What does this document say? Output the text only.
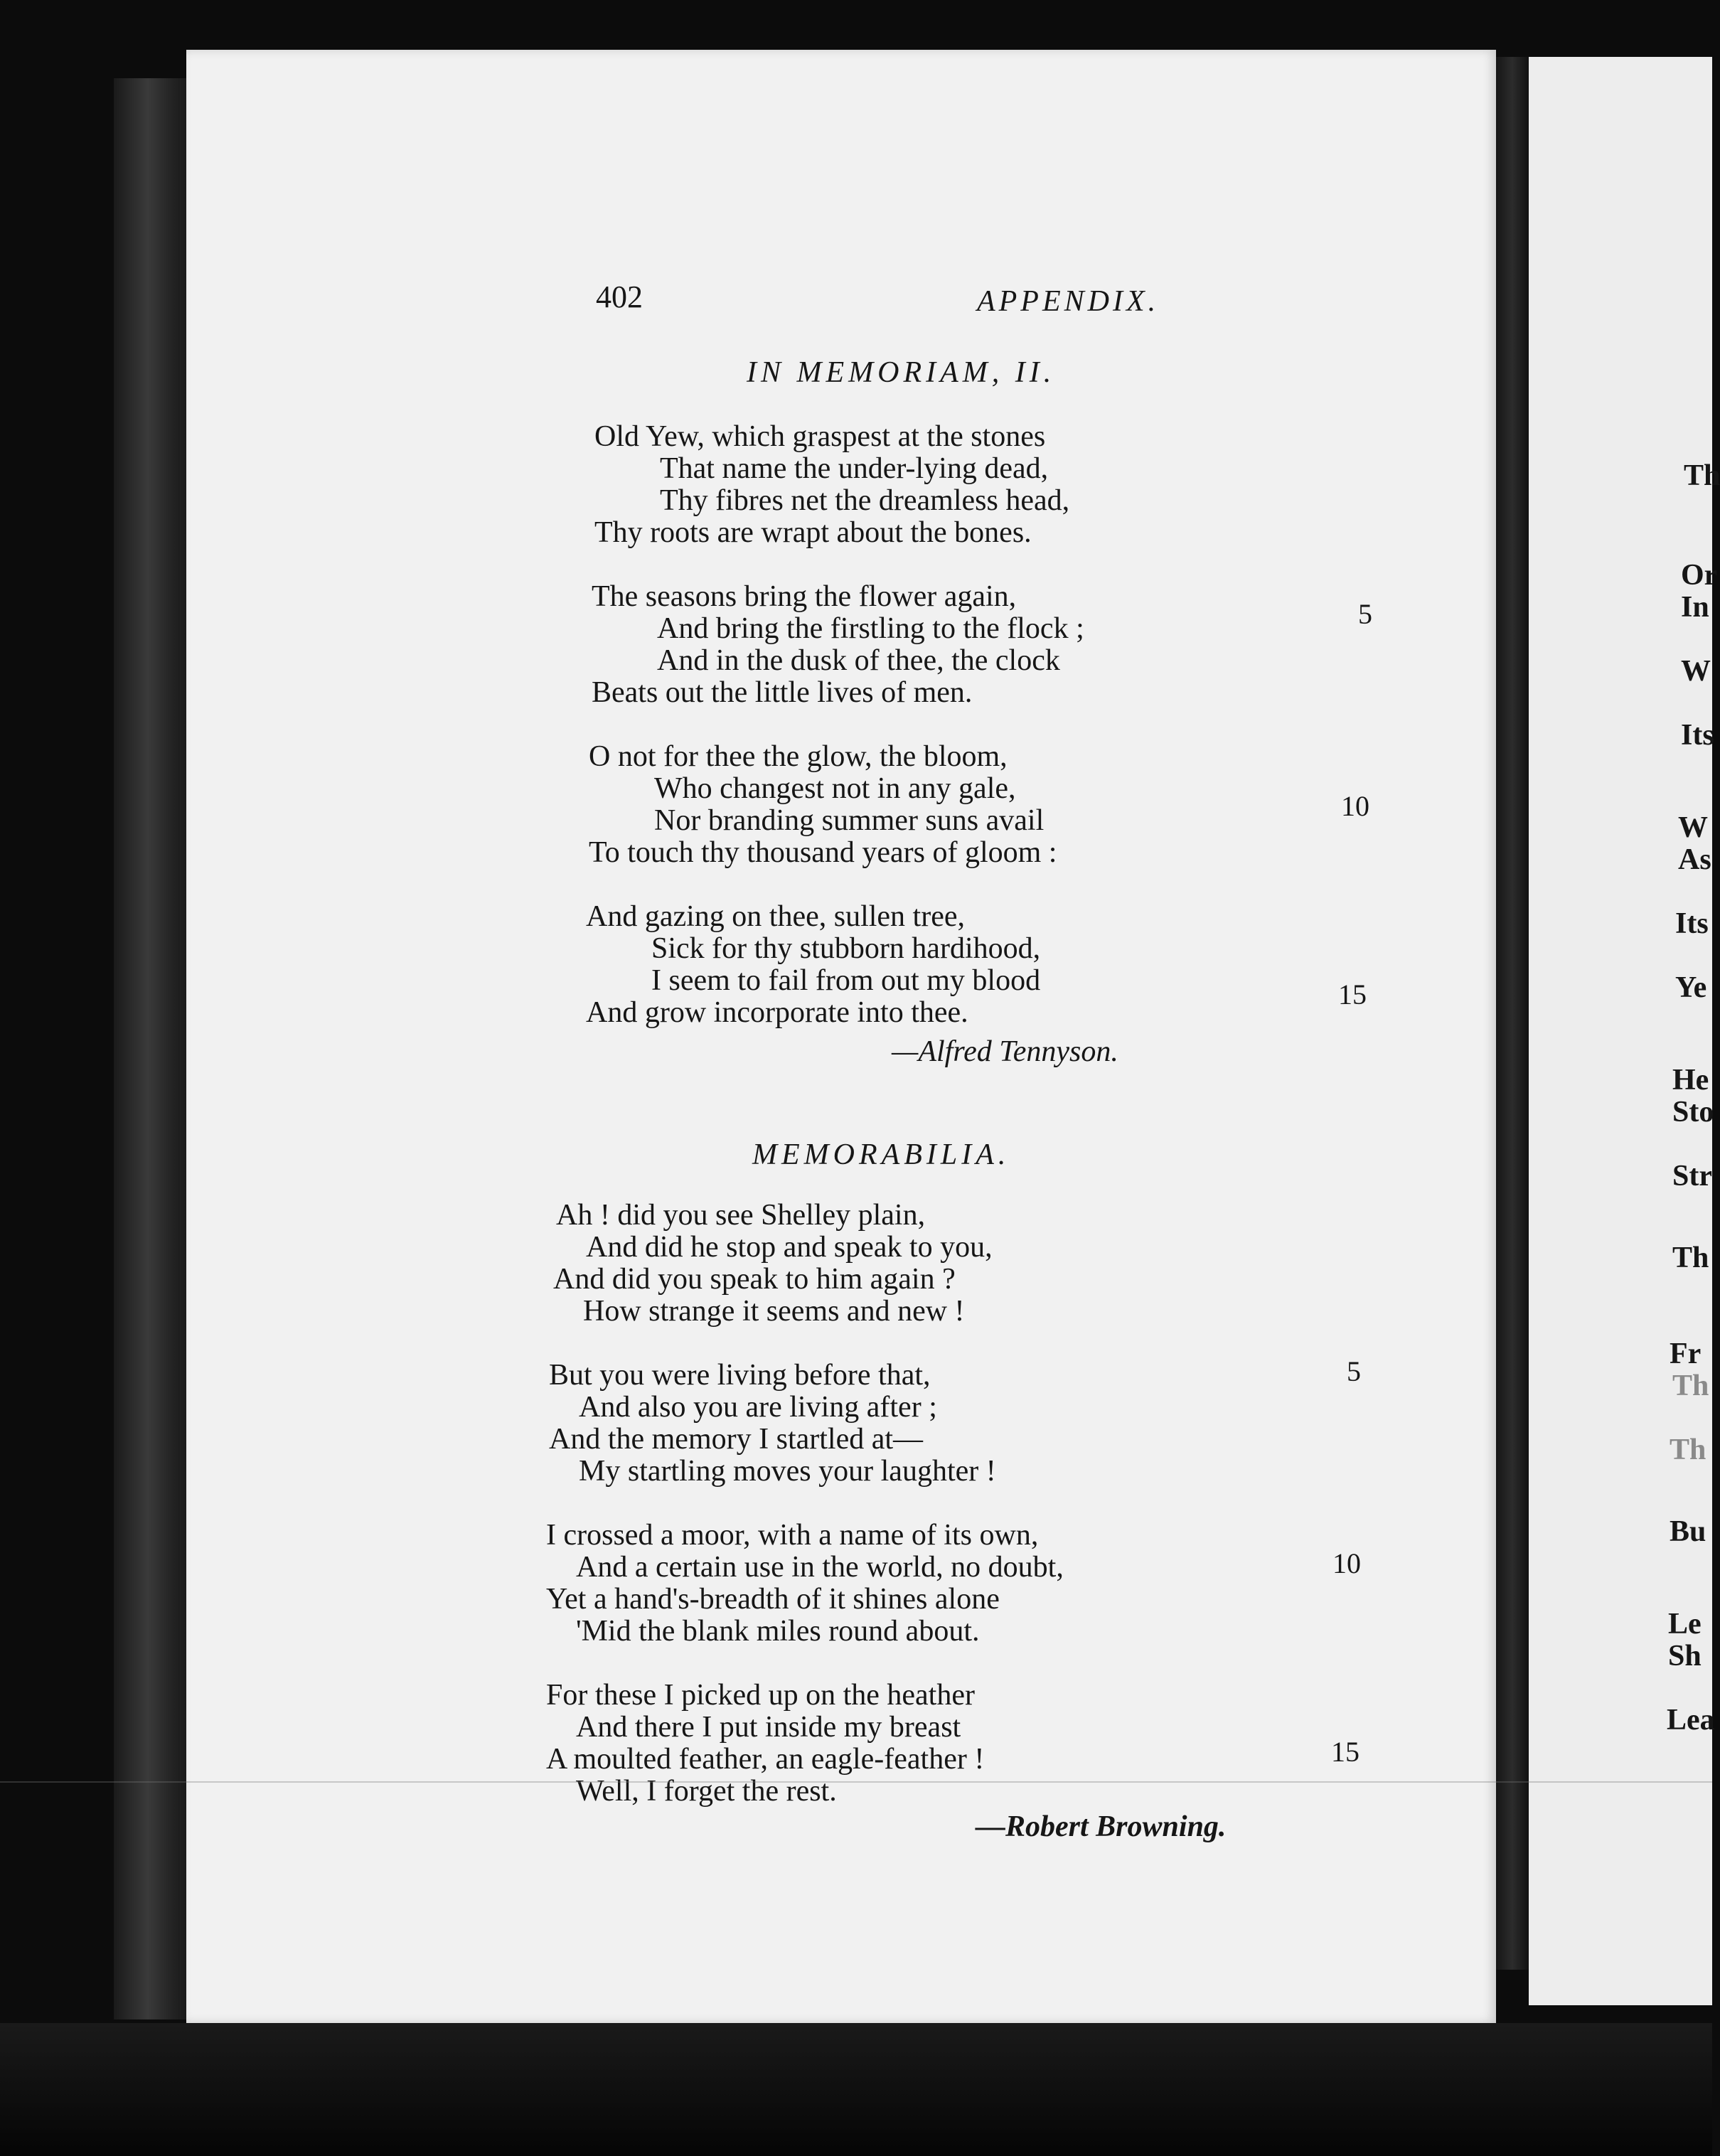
402	APPENDIX.
IN MEMORIAM, II.
Old Yew, which graspest at the stones
That name the under-lying dead,
Thy fibres net the dreamless head,
Thy roots are wrapt about the bones.
The seasons bring the flower again,
And bring the firstling to the flock ;
And in the dusk of thee, the clock
Beats out the little lives of men.
O not for thee the glow, the bloom,
Who changest not in any gale,
Nor branding summer suns avail
To touch thy thousand years of gloom :
And gazing on thee, sullen tree,
Sick for thy stubborn hardihood,
I seem to fail from out my blood
And grow incorporate into thee.
5
10
15
—Alfred Tennyson.
MEMORABILIA.
Ah ! did you see Shelley plain,
And did he stop and speak to you,
And did you speak to him again ?
How strange it seems and new !
But you were living before that,
And also you are living after ;
And the memory I startled at—
My startling moves your laughter !
I crossed a moor, with a name of its own,
And a certain use in the world, no doubt,
Yet a hand's-breadth of it shines alone
'Mid the blank miles round about.
For these I picked up on the heather
And there I put inside my breast
A moulted feather, an eagle-feather !
Well, I forget the rest.
5
10
15
—Robert Browning.
Th
Or
In
W
Its
W
As
Its
Ye
He
Sto
Str
Th
Fr
Th
Th
Bu
Le
Sh
Lea
